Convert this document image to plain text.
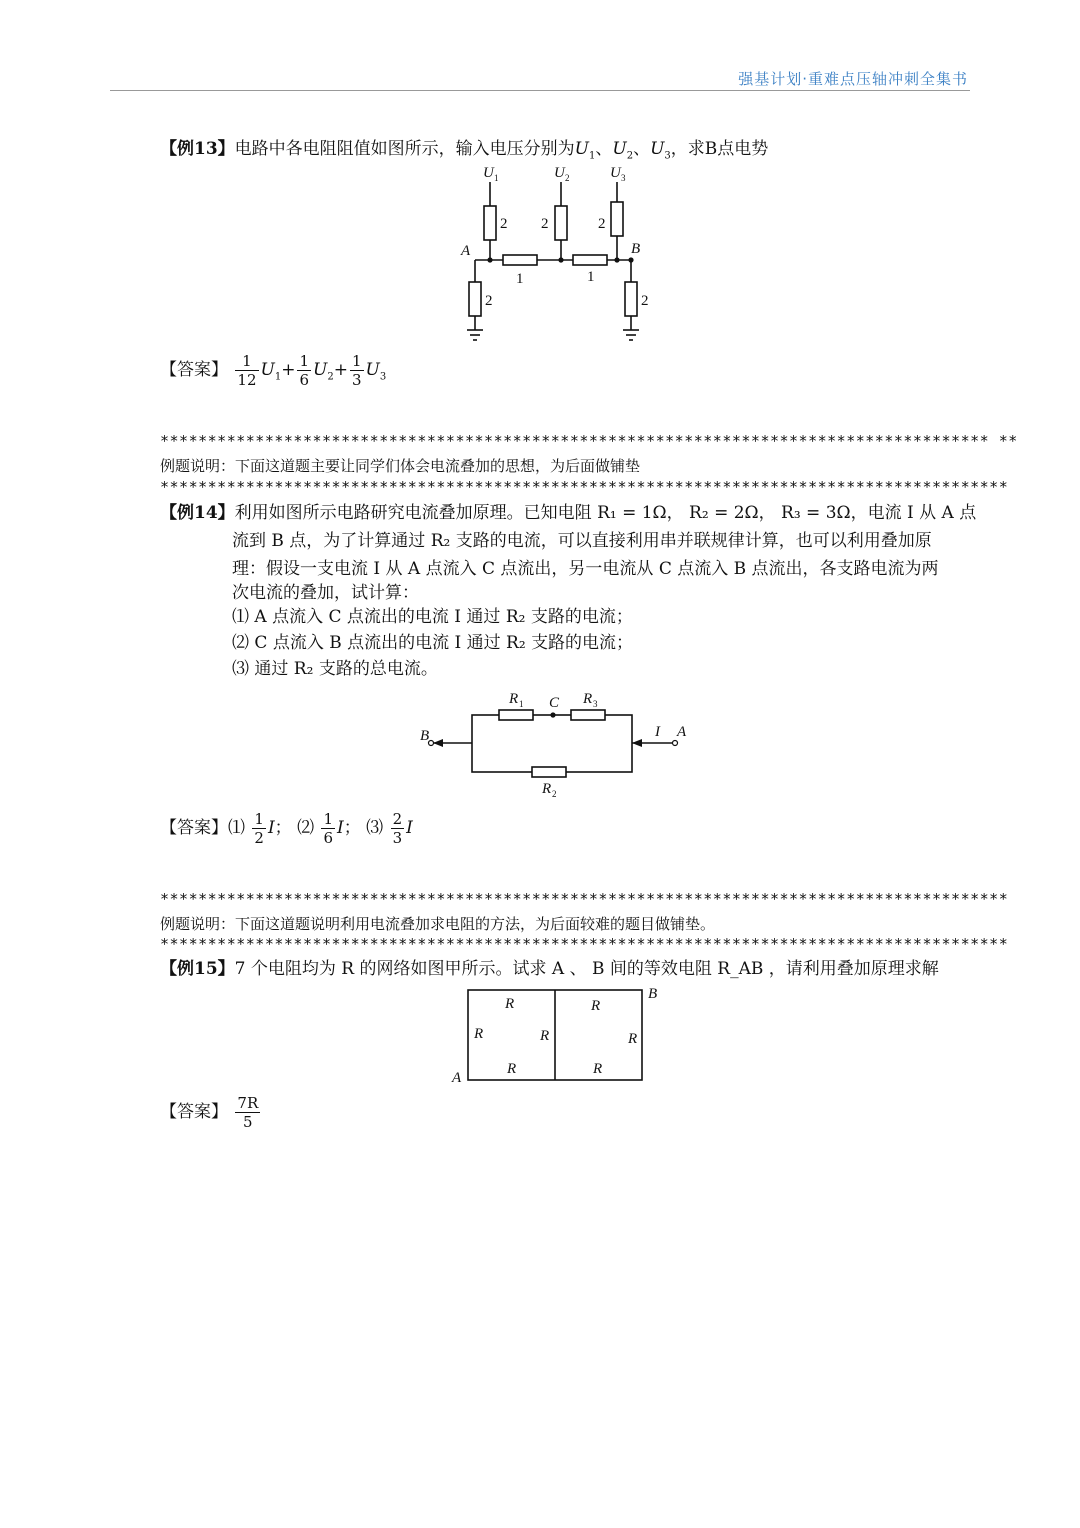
强基计划·重难点压轴冲刺全集书
【例13】电路中各电阻阻值如图所示，输入电压分别为$U_1$、$U_2$、$U_3$，求B点电势
U 1	U 2	U 3
2 2	2
1	1
2	2
A	B
【答案】 $\frac{1}{12} U_1+ \frac{1}{6} U_2+ \frac{1}{3} U_3$
*************************************************************************************** **
例题说明：下面这道题主要让同学们体会电流叠加的思想，为后面做铺垫
*****************************************************************************************
【例14】利用如图所示电路研究电流叠加原理。已知电阻 R₁ = 1Ω， R₂ = 2Ω， R₃ = 3Ω，电流 I 从 A 点
流到 B 点，为了计算通过 R₂ 支路的电流，可以直接利用串并联规律计算，也可以利用叠加原
理：假设一支电流 I 从 A 点流入 C 点流出，另一电流从 C 点流入 B 点流出，各支路电流为两
次电流的叠加，试计算：
⑴ A 点流入 C 点流出的电流 I 通过 R₂ 支路的电流；
⑵ C 点流入 B 点流出的电流 I 通过 R₂ 支路的电流；
⑶ 通过 R₂ 支路的总电流。
R 1 C R 3
B	I A
R 2
【答案】⑴ $\frac{1}{2}$ I； ⑵ $\frac{1}{6}$ I； ⑶ $\frac{2}{3}$ I
*****************************************************************************************
例题说明：下面这道题说明利用电流叠加求电阻的方法，为后面较难的题目做铺垫。
*****************************************************************************************
【例15】7 个电阻均为 R 的网络如图甲所示。试求 A 、 B 间的等效电阻 R_AB ，请利用叠加原理求解
R	R
R	R	R
R	R
A
B
【答案】 $\frac{7R}{5}$
